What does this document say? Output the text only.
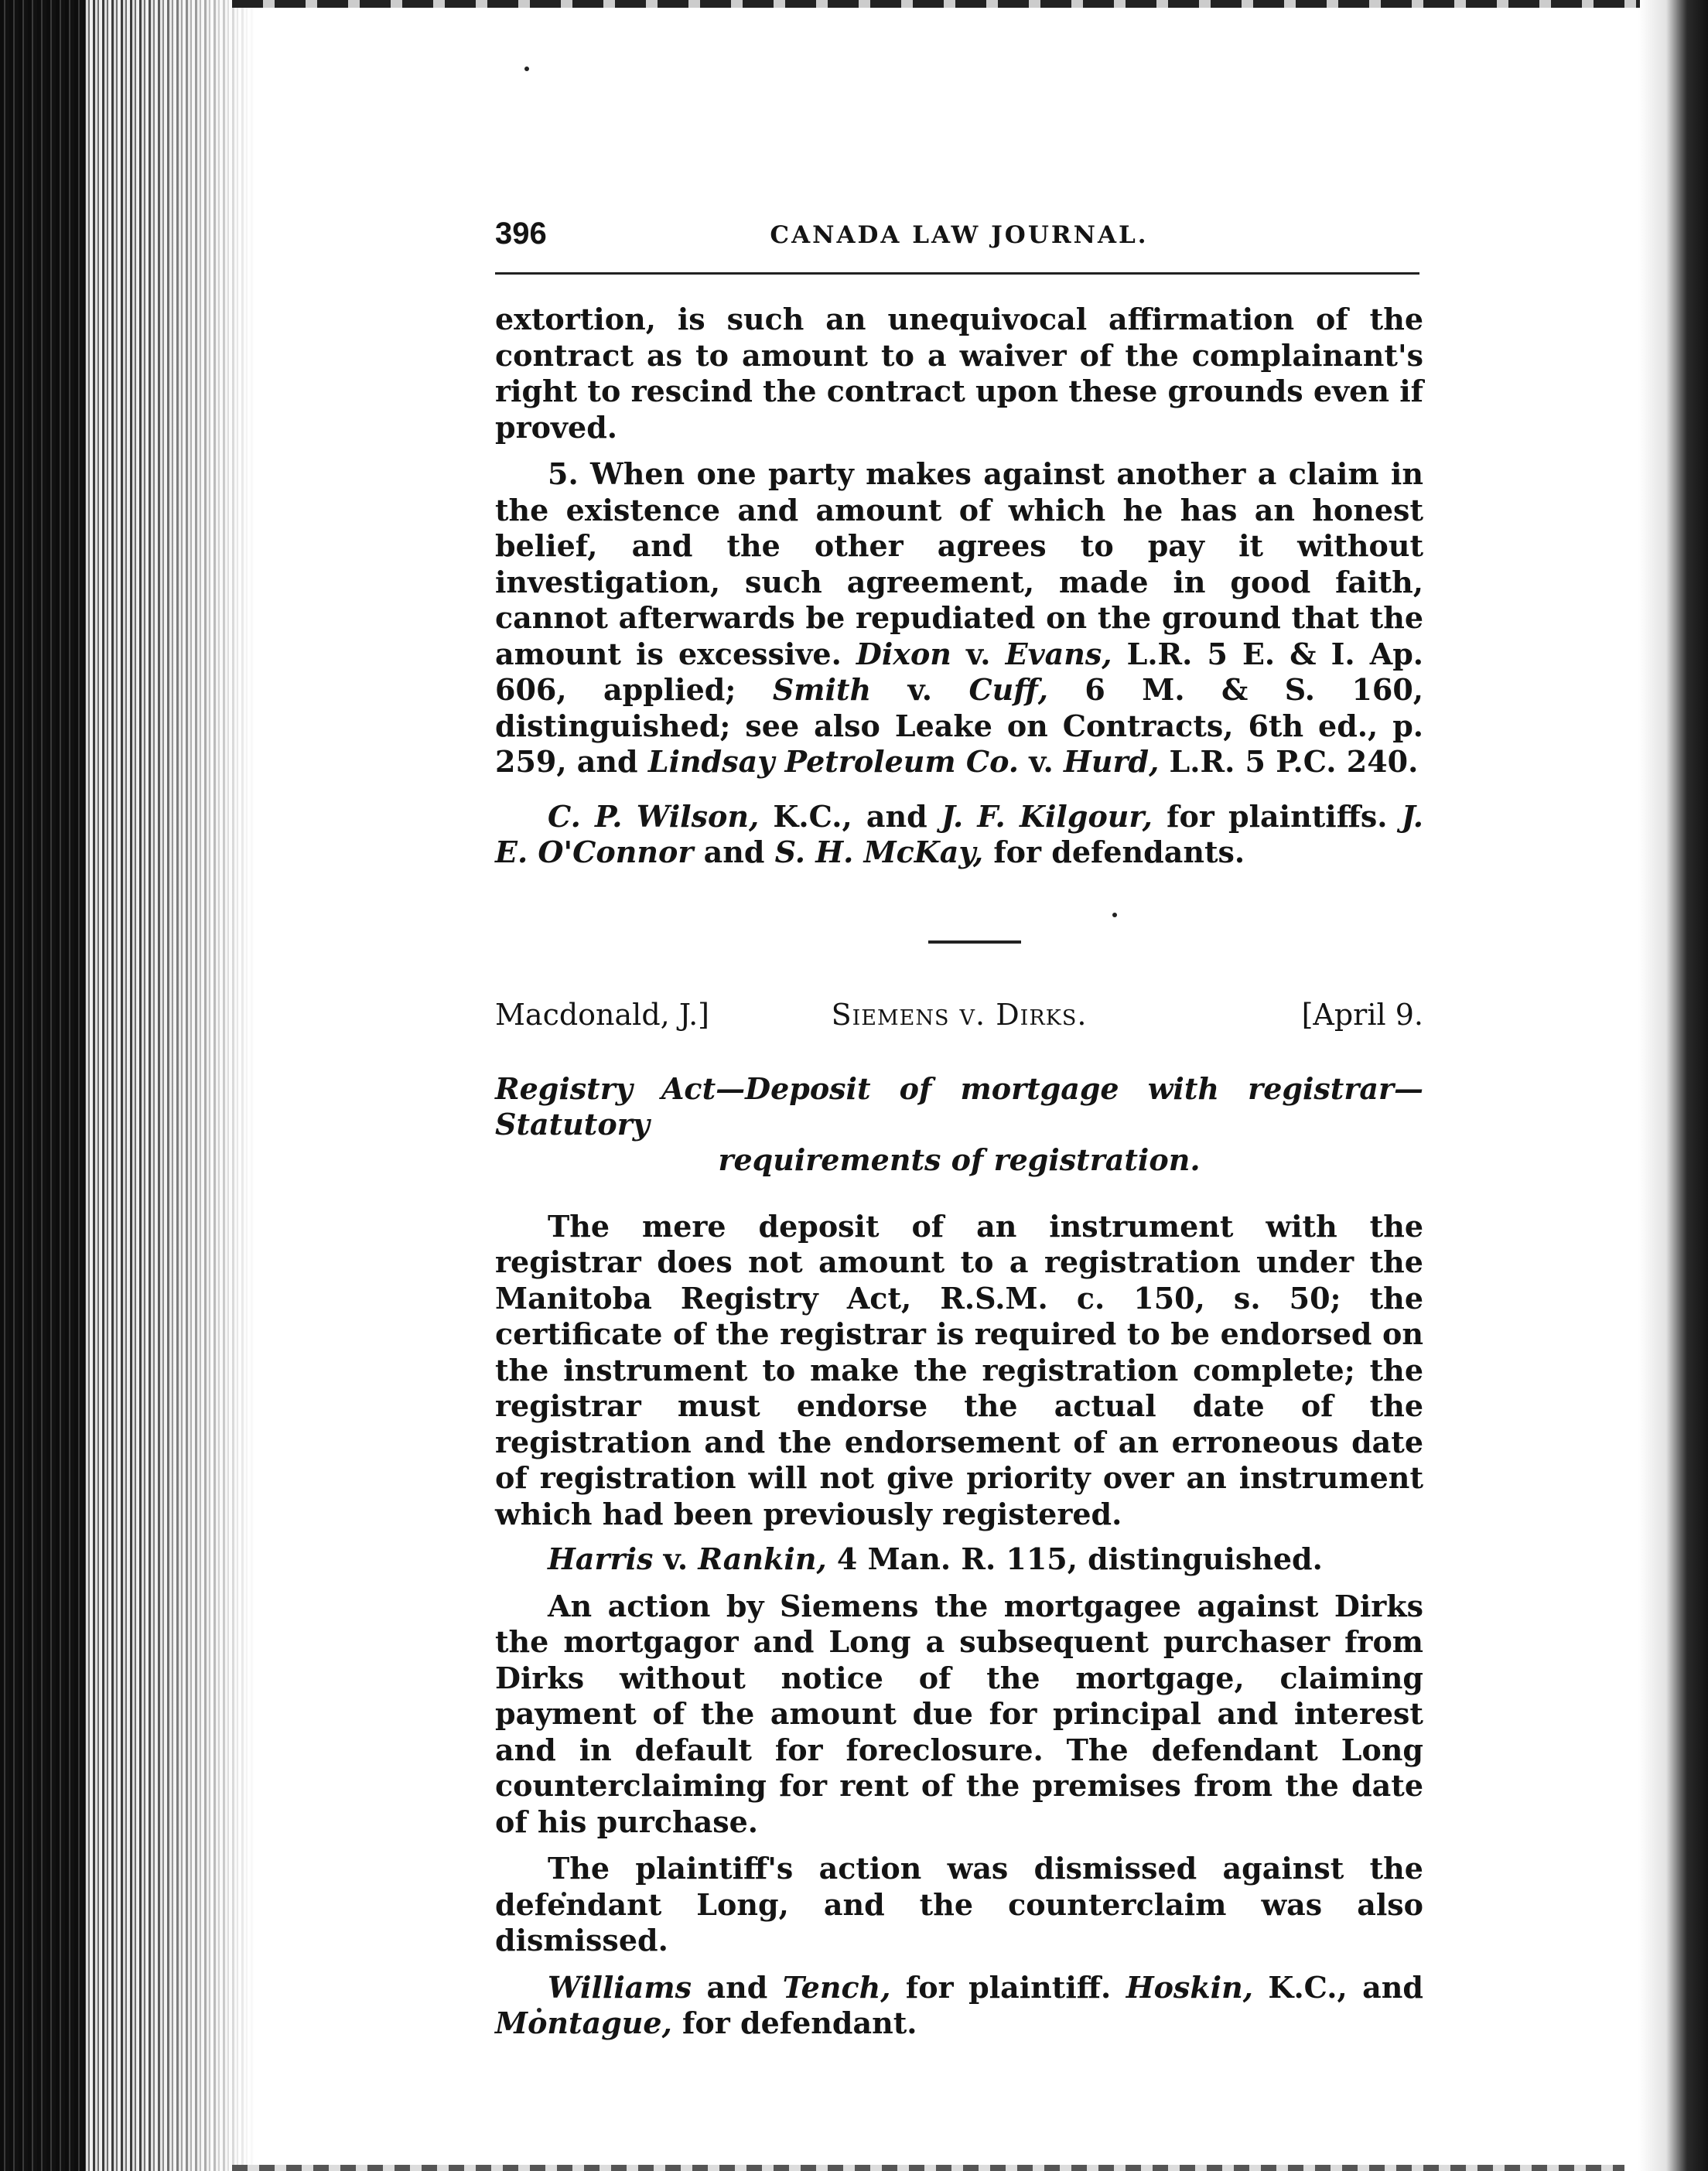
396	CANADA LAW JOURNAL.

extortion, is such an unequivocal affirmation of the contract as to amount to a waiver of the complainant's right to rescind the contract upon these grounds even if proved.

5. When one party makes against another a claim in the existence and amount of which he has an honest belief, and the other agrees to pay it without investigation, such agreement, made in good faith, cannot afterwards be repudiated on the ground that the amount is excessive. Dixon v. Evans, L.R. 5 E. & I. Ap. 606, applied; Smith v. Cuff, 6 M. & S. 160, distinguished; see also Leake on Contracts, 6th ed., p. 259, and Lindsay Petroleum Co. v. Hurd, L.R. 5 P.C. 240.

C. P. Wilson, K.C., and J. F. Kilgour, for plaintiffs. J. E. O'Connor and S. H. McKay, for defendants.

Macdonald, J.]	Siemens v. Dirks.	[April 9.
Registry Act—Deposit of mortgage with registrar—Statutory
requirements of registration.

The mere deposit of an instrument with the registrar does not amount to a registration under the Manitoba Registry Act, R.S.M. c. 150, s. 50; the certificate of the registrar is required to be endorsed on the instrument to make the registration complete; the registrar must endorse the actual date of the registration and the endorsement of an erroneous date of registration will not give priority over an instrument which had been previously registered.

Harris v. Rankin, 4 Man. R. 115, distinguished.

An action by Siemens the mortgagee against Dirks the mortgagor and Long a subsequent purchaser from Dirks without notice of the mortgage, claiming payment of the amount due for principal and interest and in default for foreclosure. The defendant Long counterclaiming for rent of the premises from the date of his purchase.

The plaintiff's action was dismissed against the defendant Long, and the counterclaim was also dismissed.

Williams and Tench, for plaintiff. Hoskin, K.C., and Montague, for defendant.
